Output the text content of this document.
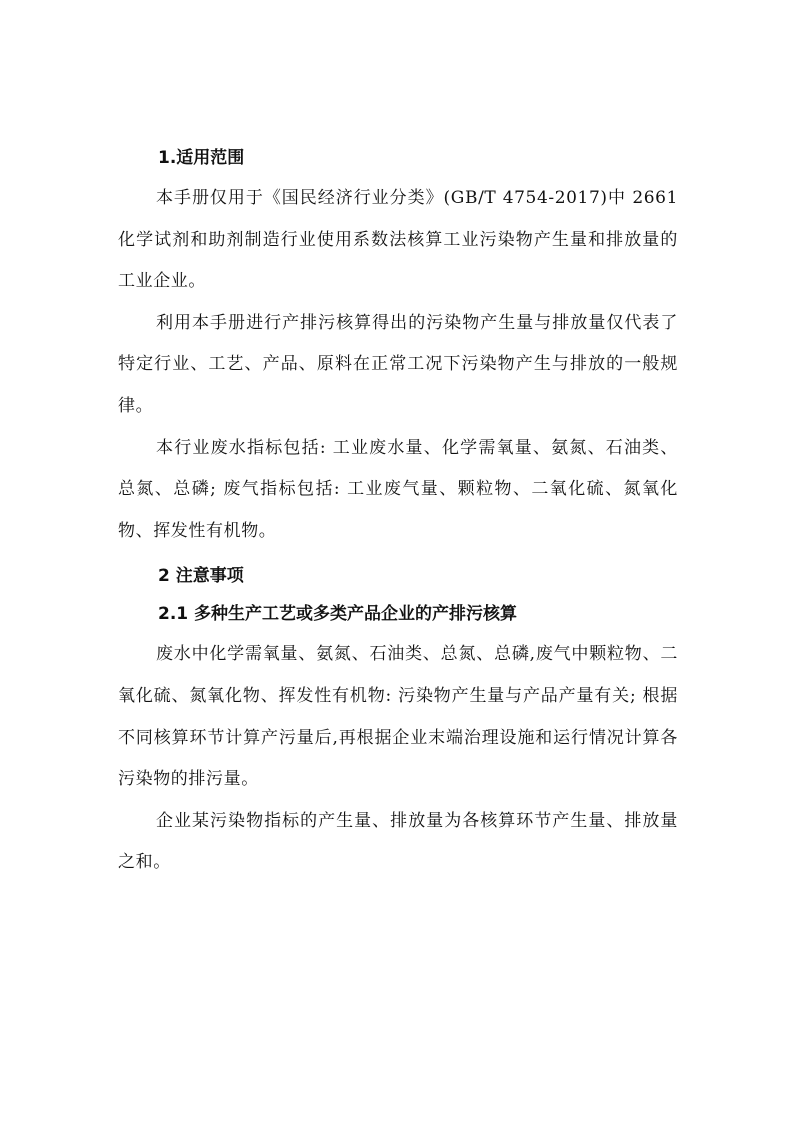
1.适用范围

本手册仅用于《国民经济行业分类》(GB/T 4754-2017)中 2661 化学试剂和助剂制造行业使用系数法核算工业污染物产生量和排放量的工业企业。

利用本手册进行产排污核算得出的污染物产生量与排放量仅代表了特定行业、工艺、产品、原料在正常工况下污染物产生与排放的一般规律。

本行业废水指标包括: 工业废水量、化学需氧量、氨氮、石油类、总氮、总磷; 废气指标包括: 工业废气量、颗粒物、二氧化硫、氮氧化物、挥发性有机物。

2 注意事项
2.1 多种生产工艺或多类产品企业的产排污核算

废水中化学需氧量、氨氮、石油类、总氮、总磷,废气中颗粒物、二氧化硫、氮氧化物、挥发性有机物: 污染物产生量与产品产量有关; 根据不同核算环节计算产污量后,再根据企业末端治理设施和运行情况计算各污染物的排污量。

企业某污染物指标的产生量、排放量为各核算环节产生量、排放量之和。
